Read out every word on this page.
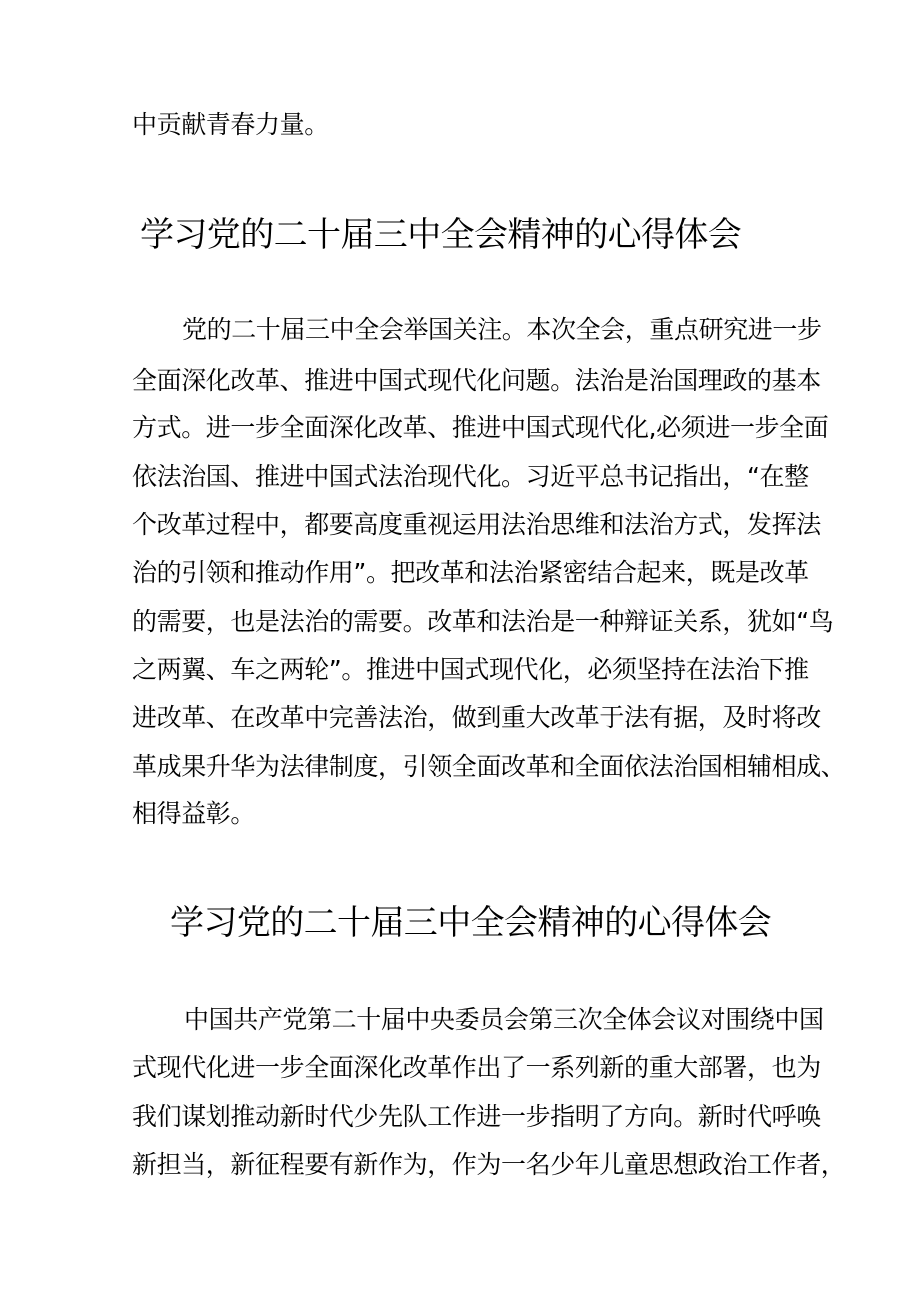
中贡献青春力量。
学习党的二十届三中全会精神的心得体会
党的二十届三中全会举国关注。本次全会，重点研究进一步
全面深化改革、推进中国式现代化问题。法治是治国理政的基本
方式。进一步全面深化改革、推进中国式现代化,必须进一步全面
依法治国、推进中国式法治现代化。习近平总书记指出，“在整
个改革过程中，都要高度重视运用法治思维和法治方式，发挥法
治的引领和推动作用”。把改革和法治紧密结合起来，既是改革
的需要，也是法治的需要。改革和法治是一种辩证关系，犹如“鸟
之两翼、车之两轮”。推进中国式现代化，必须坚持在法治下推
进改革、在改革中完善法治，做到重大改革于法有据，及时将改
革成果升华为法律制度，引领全面改革和全面依法治国相辅相成、
相得益彰。
学习党的二十届三中全会精神的心得体会
中国共产党第二十届中央委员会第三次全体会议对围绕中国
式现代化进一步全面深化改革作出了一系列新的重大部署，也为
我们谋划推动新时代少先队工作进一步指明了方向。新时代呼唤
新担当，新征程要有新作为，作为一名少年儿童思想政治工作者，
